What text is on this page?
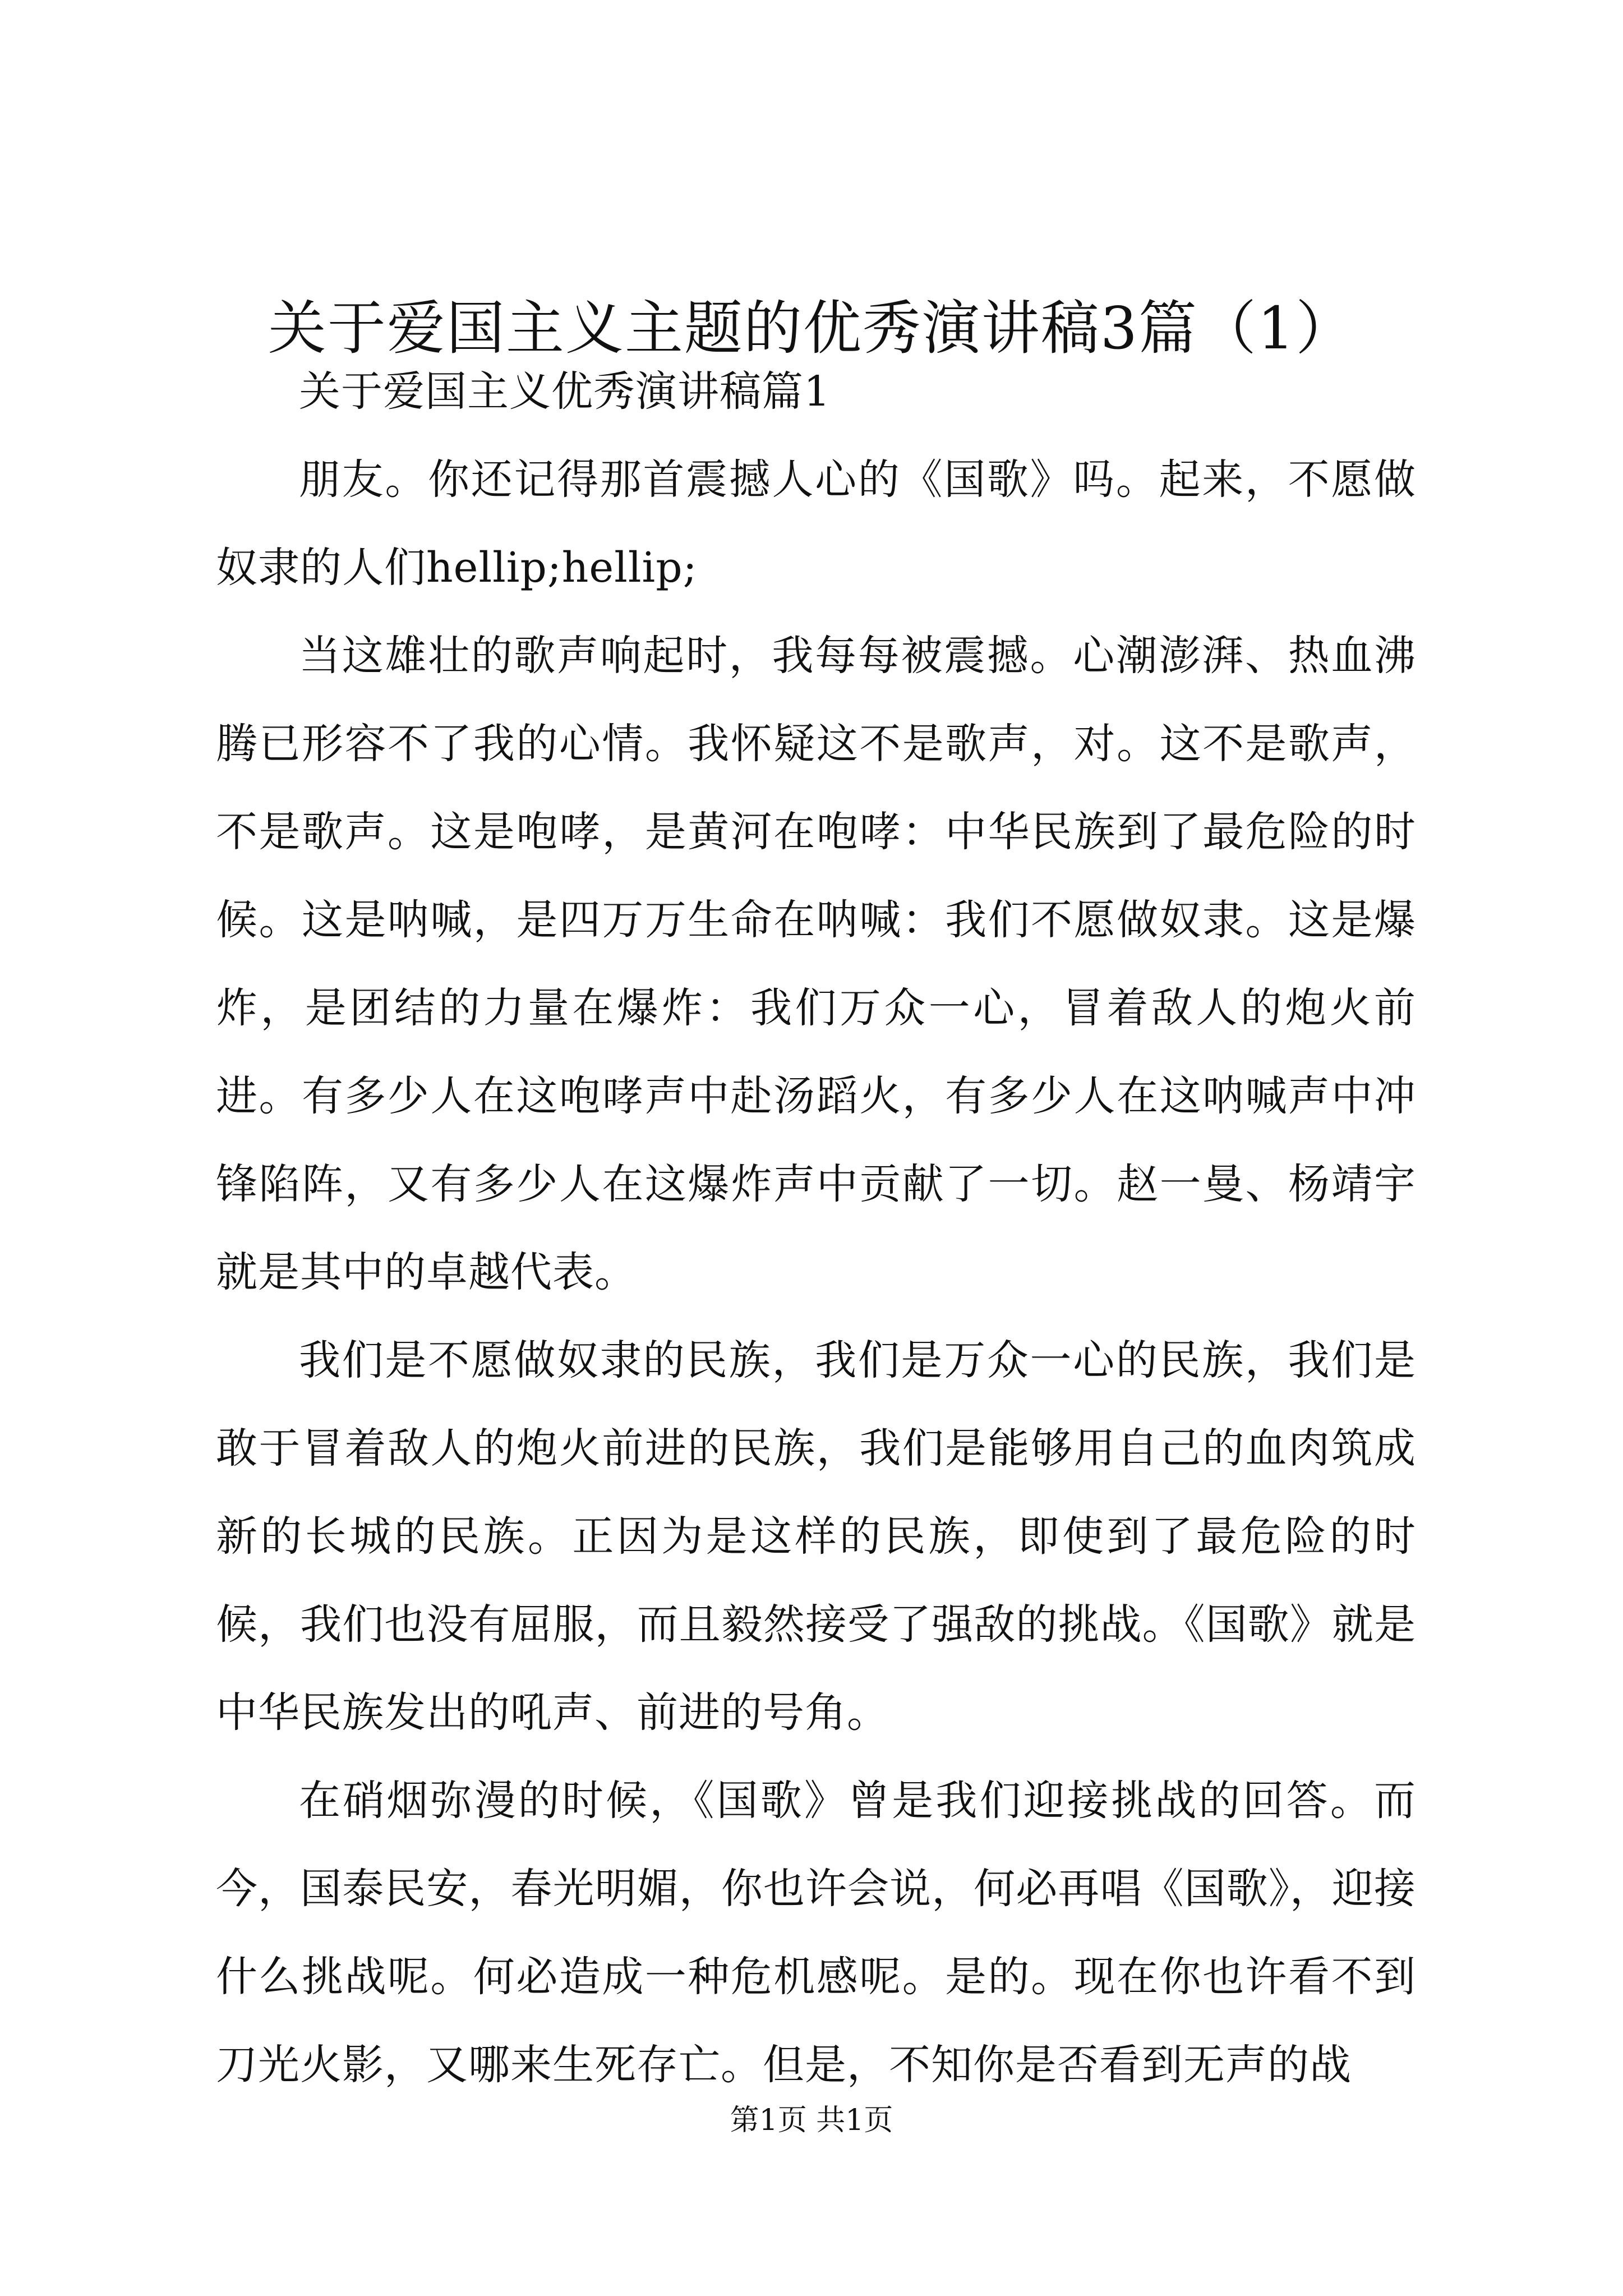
关于爱国主义主题的优秀演讲稿3篇（1）

关于爱国主义优秀演讲稿篇1

朋友。你还记得那首震撼人心的《国歌》吗。起来，不愿做奴隶的人们hellip;hellip;

当这雄壮的歌声响起时，我每每被震撼。心潮澎湃、热血沸腾已形容不了我的心情。我怀疑这不是歌声，对。这不是歌声，不是歌声。这是咆哮，是黄河在咆哮：中华民族到了最危险的时候。这是呐喊，是四万万生命在呐喊：我们不愿做奴隶。这是爆炸，是团结的力量在爆炸：我们万众一心，冒着敌人的炮火前进。有多少人在这咆哮声中赴汤蹈火，有多少人在这呐喊声中冲锋陷阵，又有多少人在这爆炸声中贡献了一切。赵一曼、杨靖宇就是其中的卓越代表。

我们是不愿做奴隶的民族，我们是万众一心的民族，我们是敢于冒着敌人的炮火前进的民族，我们是能够用自己的血肉筑成新的长城的民族。正因为是这样的民族，即使到了最危险的时候，我们也没有屈服，而且毅然接受了强敌的挑战。《国歌》就是中华民族发出的吼声、前进的号角。

在硝烟弥漫的时候，《国歌》曾是我们迎接挑战的回答。而今，国泰民安，春光明媚，你也许会说，何必再唱《国歌》，迎接什么挑战呢。何必造成一种危机感呢。是的。现在你也许看不到刀光火影，又哪来生死存亡。但是，不知你是否看到无声的战

第1页 共1页
